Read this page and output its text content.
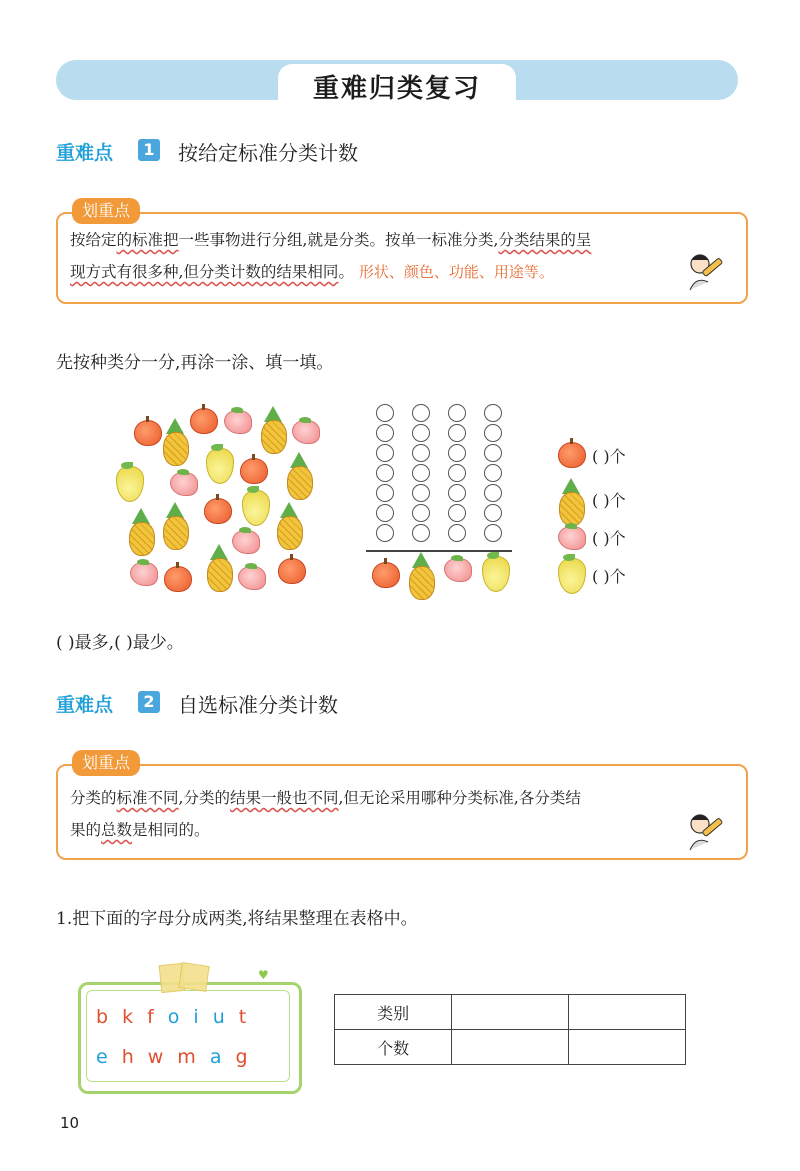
重难归类复习
重难点	1 按给定标准分类计数
划重点
按给定的标准把一些事物进行分组,就是分类。按单一标准分类,分类结果的呈
现方式有很多种,但分类计数的结果相同。 形状、颜色、功能、用途等。
先按种类分一分,再涂一涂、填一填。
( )个
( )个
( )个
( )个
( )最多,( )最少。
重难点	2 自选标准分类计数
划重点
分类的标准不同,分类的结果一般也不同,但无论采用哪种分类标准,各分类结
果的总数是相同的。
1.把下面的字母分成两类,将结果整理在表格中。
♥
bkfoiut
ehwmag
类别		
个数		
10
